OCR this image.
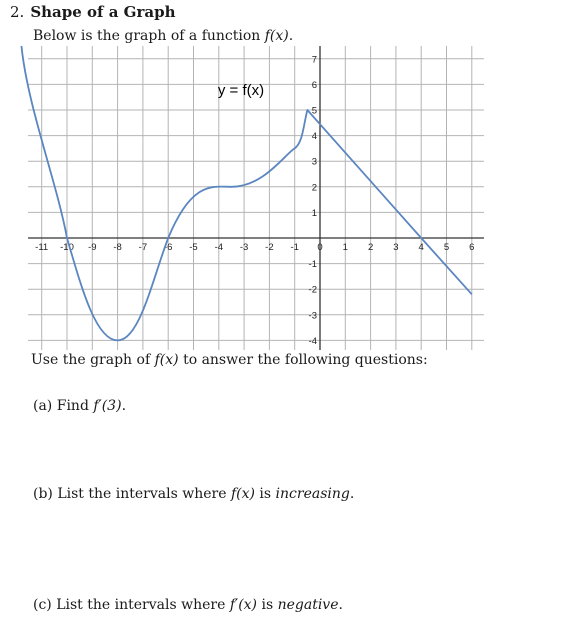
2. Shape of a Graph
Below is the graph of a function f(x).
-11 -10 -9 -8 -7 -6 -5 -4 -3 -2 -1 0 1 2 3 4 5 6
7
6
5
4
3
2
1
-1
-2
-3
-4
y = f(x)
Use the graph of f(x) to answer the following questions:
(a) Find f′(3).
(b) List the intervals where f(x) is increasing.
(c) List the intervals where f′(x) is negative.
